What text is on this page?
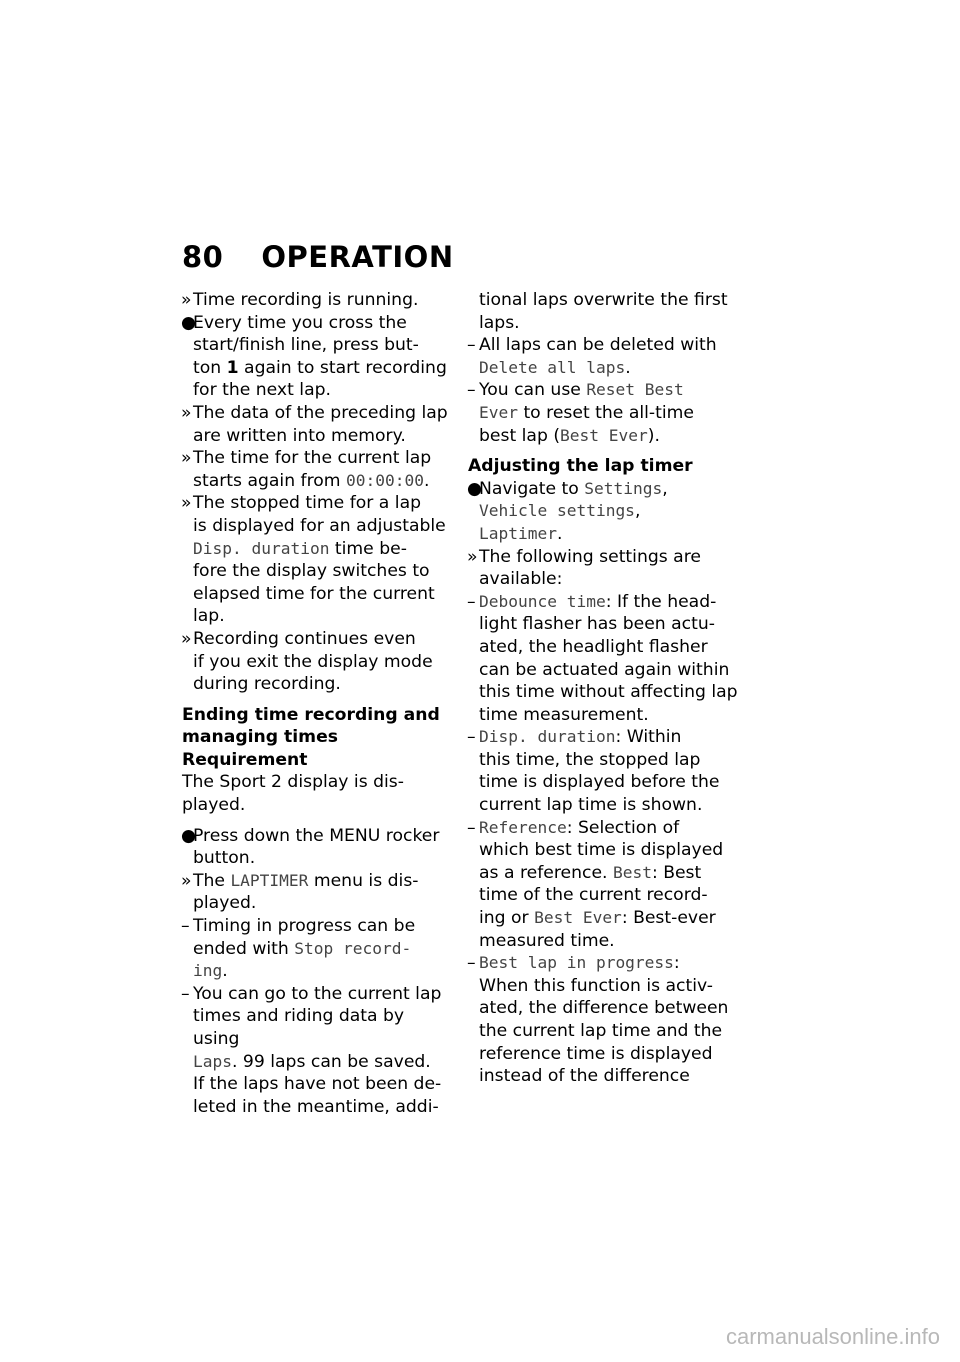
80 OPERATION
» Time recording is running.
●
Every time you cross the
start/finish line, press but-
ton 1 again to start recording
for the next lap.
» The data of the preceding lap
are written into memory.
» The time for the current lap
starts again from 00:00:00.
» The stopped time for a lap
is displayed for an adjustable
Disp. duration time be-
fore the display switches to
elapsed time for the current
lap.
» Recording continues even
if you exit the display mode
during recording.
Ending time recording and
managing times
Requirement

The Sport 2 display is dis-
played.

●
Press down the MENU rocker
button.
» The LAPTIMER menu is dis-
played.
– Timing in progress can be
ended with Stop record-
ing.
– You can go to the current lap
times and riding data by using
Laps. 99 laps can be saved.
If the laps have not been de-
leted in the meantime, addi-
tional laps overwrite the first
laps.
– All laps can be deleted with
Delete all laps.
– You can use Reset Best
Ever to reset the all-time
best lap (Best Ever).
Adjusting the lap timer
●
Navigate to Settings,
Vehicle settings,
Laptimer.
» The following settings are
available:
– Debounce time: If the head-
light flasher has been actu-
ated, the headlight flasher
can be actuated again within
this time without affecting lap
time measurement.
– Disp. duration: Within
this time, the stopped lap
time is displayed before the
current lap time is shown.
– Reference: Selection of
which best time is displayed
as a reference. Best: Best
time of the current record-
ing or Best Ever: Best-ever
measured time.
– Best lap in progress:
When this function is activ-
ated, the difference between
the current lap time and the
reference time is displayed
instead of the difference
carmanualsonline.info
